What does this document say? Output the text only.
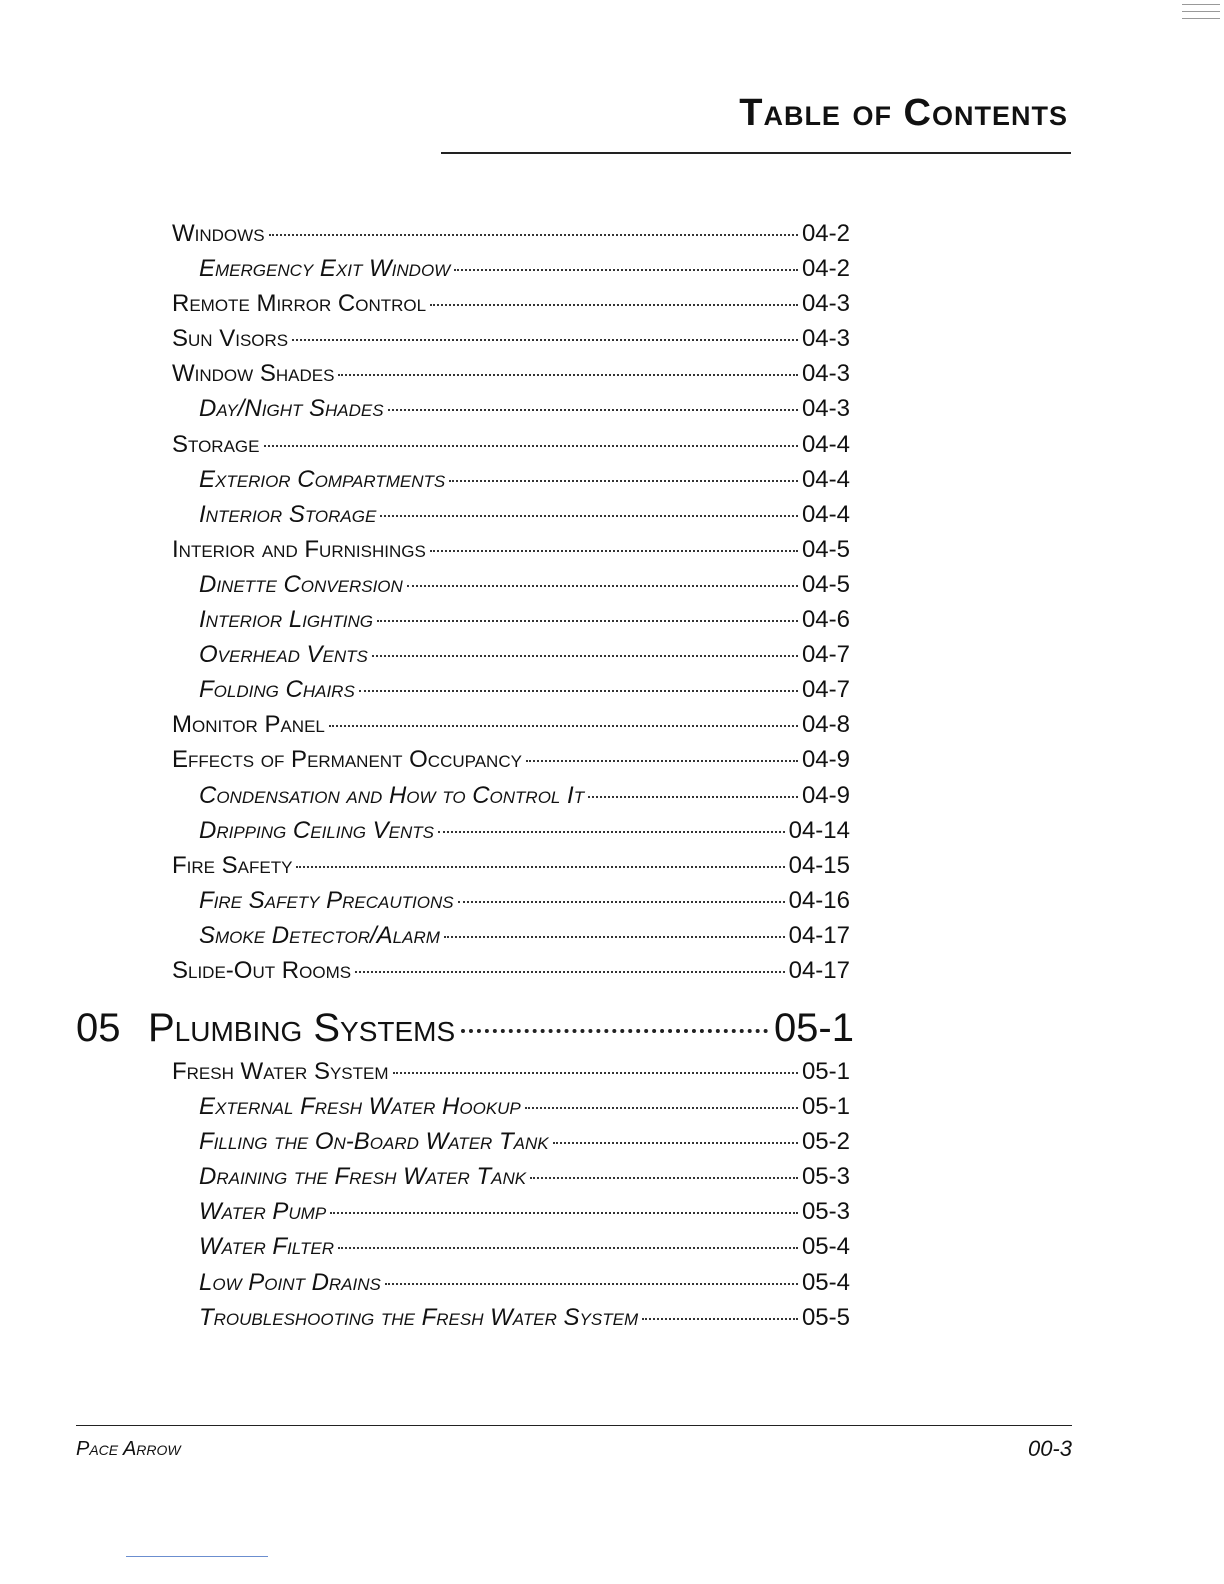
Table of Contents
Windows	04-2
Emergency Exit Window	04-2
Remote Mirror Control	04-3
Sun Visors	04-3
Window Shades	04-3
Day/Night Shades	04-3
Storage	04-4
Exterior Compartments	04-4
Interior Storage	04-4
Interior and Furnishings	04-5
Dinette Conversion	04-5
Interior Lighting	04-6
Overhead Vents	04-7
Folding Chairs	04-7
Monitor Panel	04-8
Effects of Permanent Occupancy	04-9
Condensation and How to Control It	04-9
Dripping Ceiling Vents	04-14
Fire Safety	04-15
Fire Safety Precautions	04-16
Smoke Detector/Alarm	04-17
Slide-Out Rooms	04-17
05 Plumbing Systems	05-1
Fresh Water System	05-1
External Fresh Water Hookup	05-1
Filling the On-Board Water Tank	05-2
Draining the Fresh Water Tank	05-3
Water Pump	05-3
Water Filter	05-4
Low Point Drains	05-4
Troubleshooting the Fresh Water System	05-5
Pace Arrow	00-3
